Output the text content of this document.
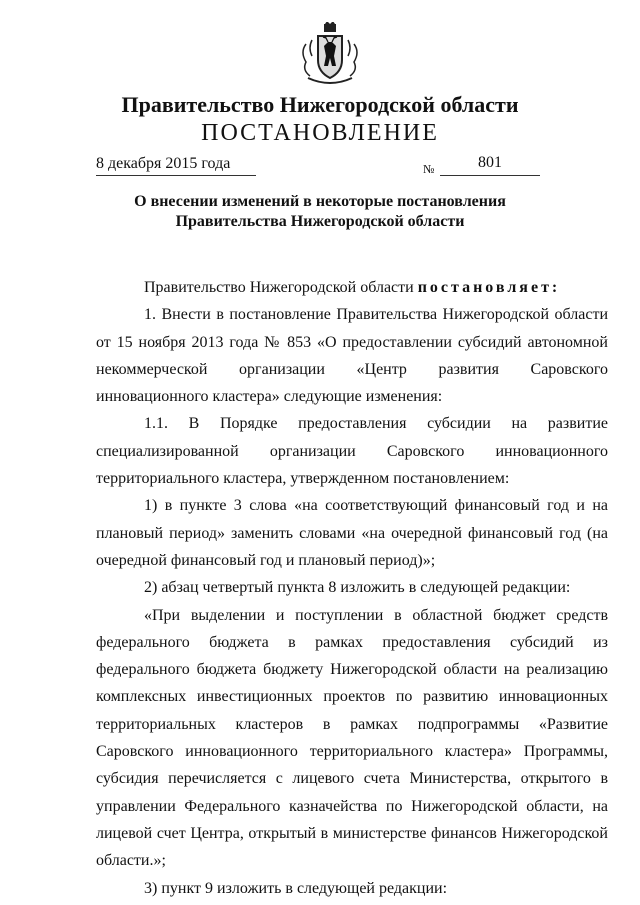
Правительство Нижегородской области
ПОСТАНОВЛЕНИЕ
8 декабря 2015 года	№	801
О внесении изменений в некоторые постановления
Правительства Нижегородской области

Правительство Нижегородской области постановляет:

1. Внести в постановление Правительства Нижегородской области от 15 ноября 2013 года № 853 «О предоставлении субсидий автономной некоммерческой организации «Центр развития Саровского инновационного кластера» следующие изменения:

1.1. В Порядке предоставления субсидии на развитие специализированной организации Саровского инновационного территориального кластера, утвержденном постановлением:

1) в пункте 3 слова «на соответствующий финансовый год и на плановый период» заменить словами «на очередной финансовый год (на очередной финансовый год и плановый период)»;

2) абзац четвертый пункта 8 изложить в следующей редакции:

«При выделении и поступлении в областной бюджет средств федерального бюджета в рамках предоставления субсидий из федерального бюджета бюджету Нижегородской области на реализацию комплексных инвестиционных проектов по развитию инновационных территориальных кластеров в рамках подпрограммы «Развитие Саровского инновационного территориального кластера» Программы, субсидия перечисляется с лицевого счета Министерства, открытого в управлении Федерального казначейства по Нижегородской области, на лицевой счет Центра, открытый в министерстве финансов Нижегородской области.»;

3) пункт 9 изложить в следующей редакции:
